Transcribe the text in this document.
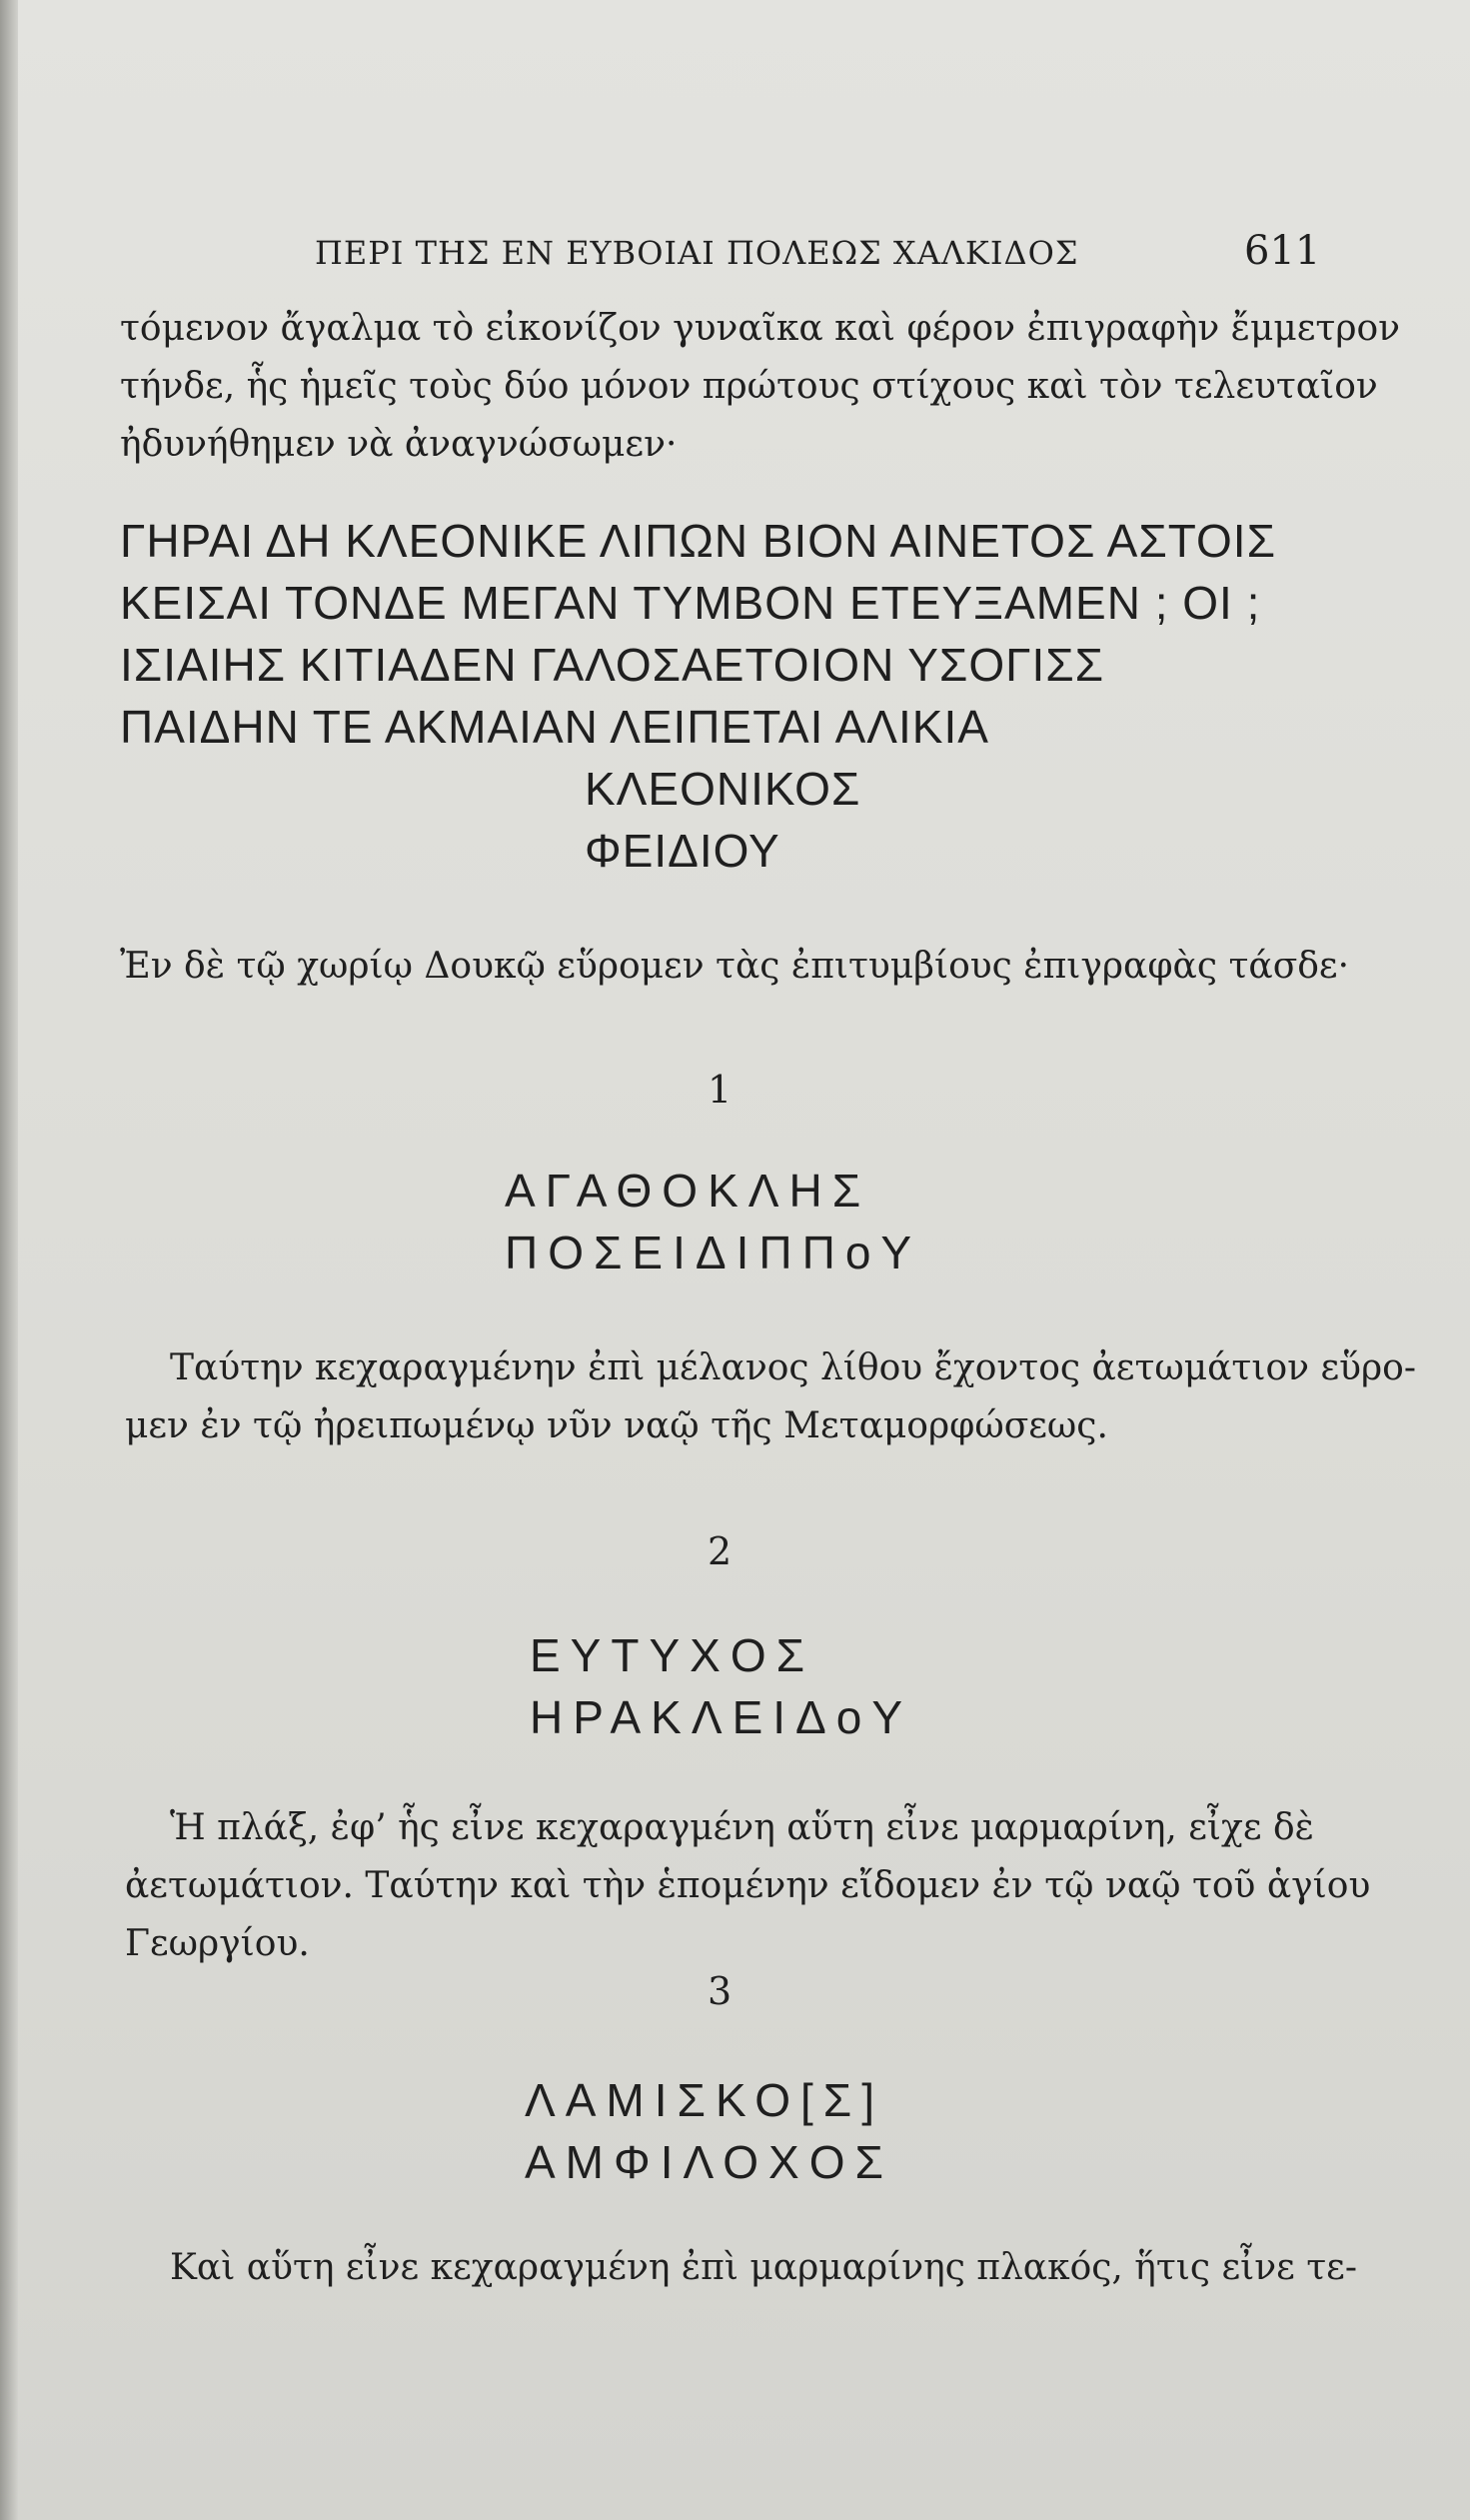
ΠΕΡΙ ΤΗΣ ΕΝ ΕΥΒΟΙΑΙ ΠΟΛΕΩΣ ΧΑΛΚΙΔΟΣ	611
τόμενον ἄγαλμα τὸ εἰκονίζον γυναῖκα καὶ φέρον ἐπιγραφὴν ἔμμετρον
τήνδε, ἧς ἡμεῖς τοὺς δύο μόνον πρώτους στίχους καὶ τὸν τελευταῖον
ἠδυνήθημεν νὰ ἀναγνώσωμεν·
ΓΗΡΑΙ ΔΗ ΚΛΕΟΝΙΚΕ ΛΙΠΩΝ ΒΙΟΝ ΑΙΝΕΤΟΣ ΑΣΤΟΙΣ
ΚΕΙΣΑΙ ΤΟΝΔΕ ΜΕΓΑΝ ΤΥΜΒΟΝ ΕΤΕΥΞΑΜΕΝ ; ΟΙ ;
ΙΣΙΑΙΗΣ ΚΙΤΙΑΔΕΝ ΓΑΛΟΣΑΕΤΟΙΟΝ ΥΣΟΓΙΣΣ
ΠΑΙΔΗΝ ΤΕ ΑΚΜΑΙΑΝ ΛΕΙΠΕΤΑΙ ΑΛΙΚΙΑ
ΚΛΕΟΝΙΚΟΣ
ΦΕΙΔΙΟΥ
Ἐν δὲ τῷ χωρίῳ Δουκῷ εὕρομεν τὰς ἐπιτυμβίους ἐπιγραφὰς τάσδε·
1
ΑΓΑΘΟΚΛΗΣ
ΠΟΣΕΙΔΙΠΠοΥ
Ταύτην κεχαραγμένην ἐπὶ μέλανος λίθου ἔχοντος ἀετωμάτιον εὕρο-
μεν ἐν τῷ ἠρειπωμένῳ νῦν ναῷ τῆς Μεταμορφώσεως.
2
ΕΥΤΥΧΟΣ
ΗΡΑΚΛΕΙΔοΥ
Ἡ πλάξ, ἐφ’ ἧς εἶνε κεχαραγμένη αὕτη εἶνε μαρμαρίνη, εἶχε δὲ
ἀετωμάτιον. Ταύτην καὶ τὴν ἑπομένην εἴδομεν ἐν τῷ ναῷ τοῦ ἁγίου
Γεωργίου.
3
ΛΑΜΙΣΚΟ[Σ]
ΑΜΦΙΛΟΧΟΣ
Καὶ αὕτη εἶνε κεχαραγμένη ἐπὶ μαρμαρίνης πλακός, ἥτις εἶνε τε-
